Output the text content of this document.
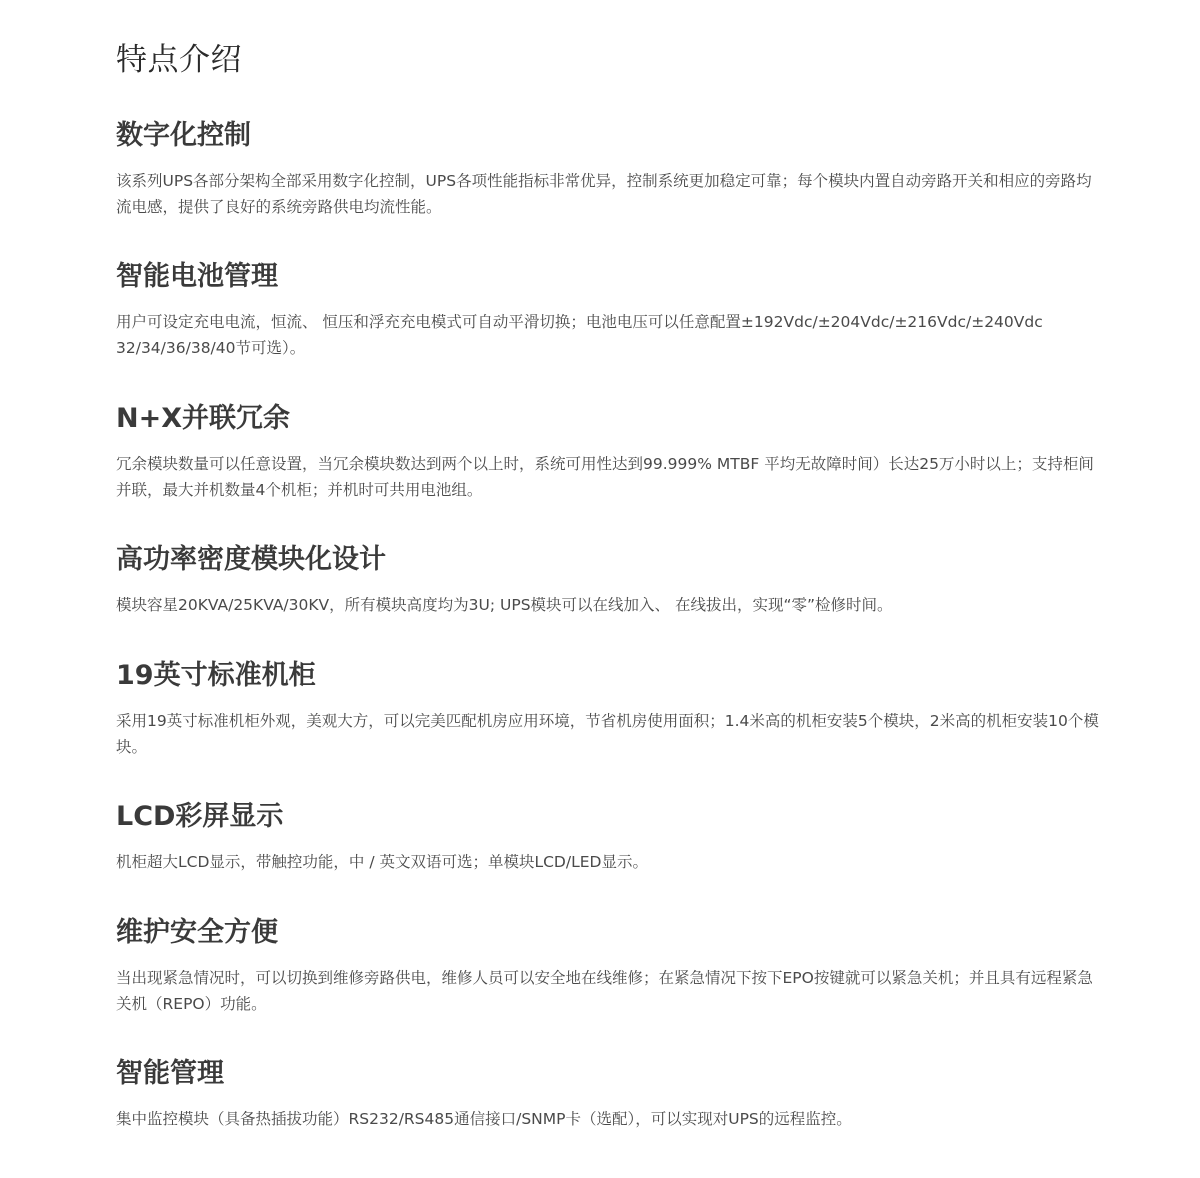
特点介绍
数字化控制

该系列UPS各部分架构全部采用数字化控制，UPS各项性能指标非常优异，控制系统更加稳定可靠；每个模块内置自动旁路开关和相应的旁路均流电感，提供了良好的系统旁路供电均流性能。

智能电池管理

用户可设定充电电流，恒流、 恒压和浮充充电模式可自动平滑切换；电池电压可以任意配置±192Vdc/±204Vdc/±216Vdc/±240Vdc 32/34/36/38/40节可选）。

N+X并联冗余

冗余模块数量可以任意设置，当冗余模块数达到两个以上时，系统可用性达到99.999% MTBF 平均无故障时间）长达25万小时以上；支持柜间并联，最大并机数量4个机柜；并机时可共用电池组。

高功率密度模块化设计

模块容星20KVA/25KVA/30KV，所有模块高度均为3U; UPS模块可以在线加入、 在线拔出，实现“零”检修时间。

19英寸标准机柜

采用19英寸标准机柜外观，美观大方，可以完美匹配机房应用环境，节省机房使用面积；1.4米高的机柜安装5个模块，2米高的机柜安装10个模块。

LCD彩屏显示

机柜超大LCD显示，带触控功能，中 / 英文双语可选；单模块LCD/LED显示。

维护安全方便

当出现紧急情况时，可以切换到维修旁路供电，维修人员可以安全地在线维修；在紧急情况下按下EPO按键就可以紧急关机；并且具有远程紧急关机（REPO）功能。

智能管理

集中监控模块（具备热插拔功能）RS232/RS485通信接口/SNMP卡（选配），可以实现对UPS的远程监控。
